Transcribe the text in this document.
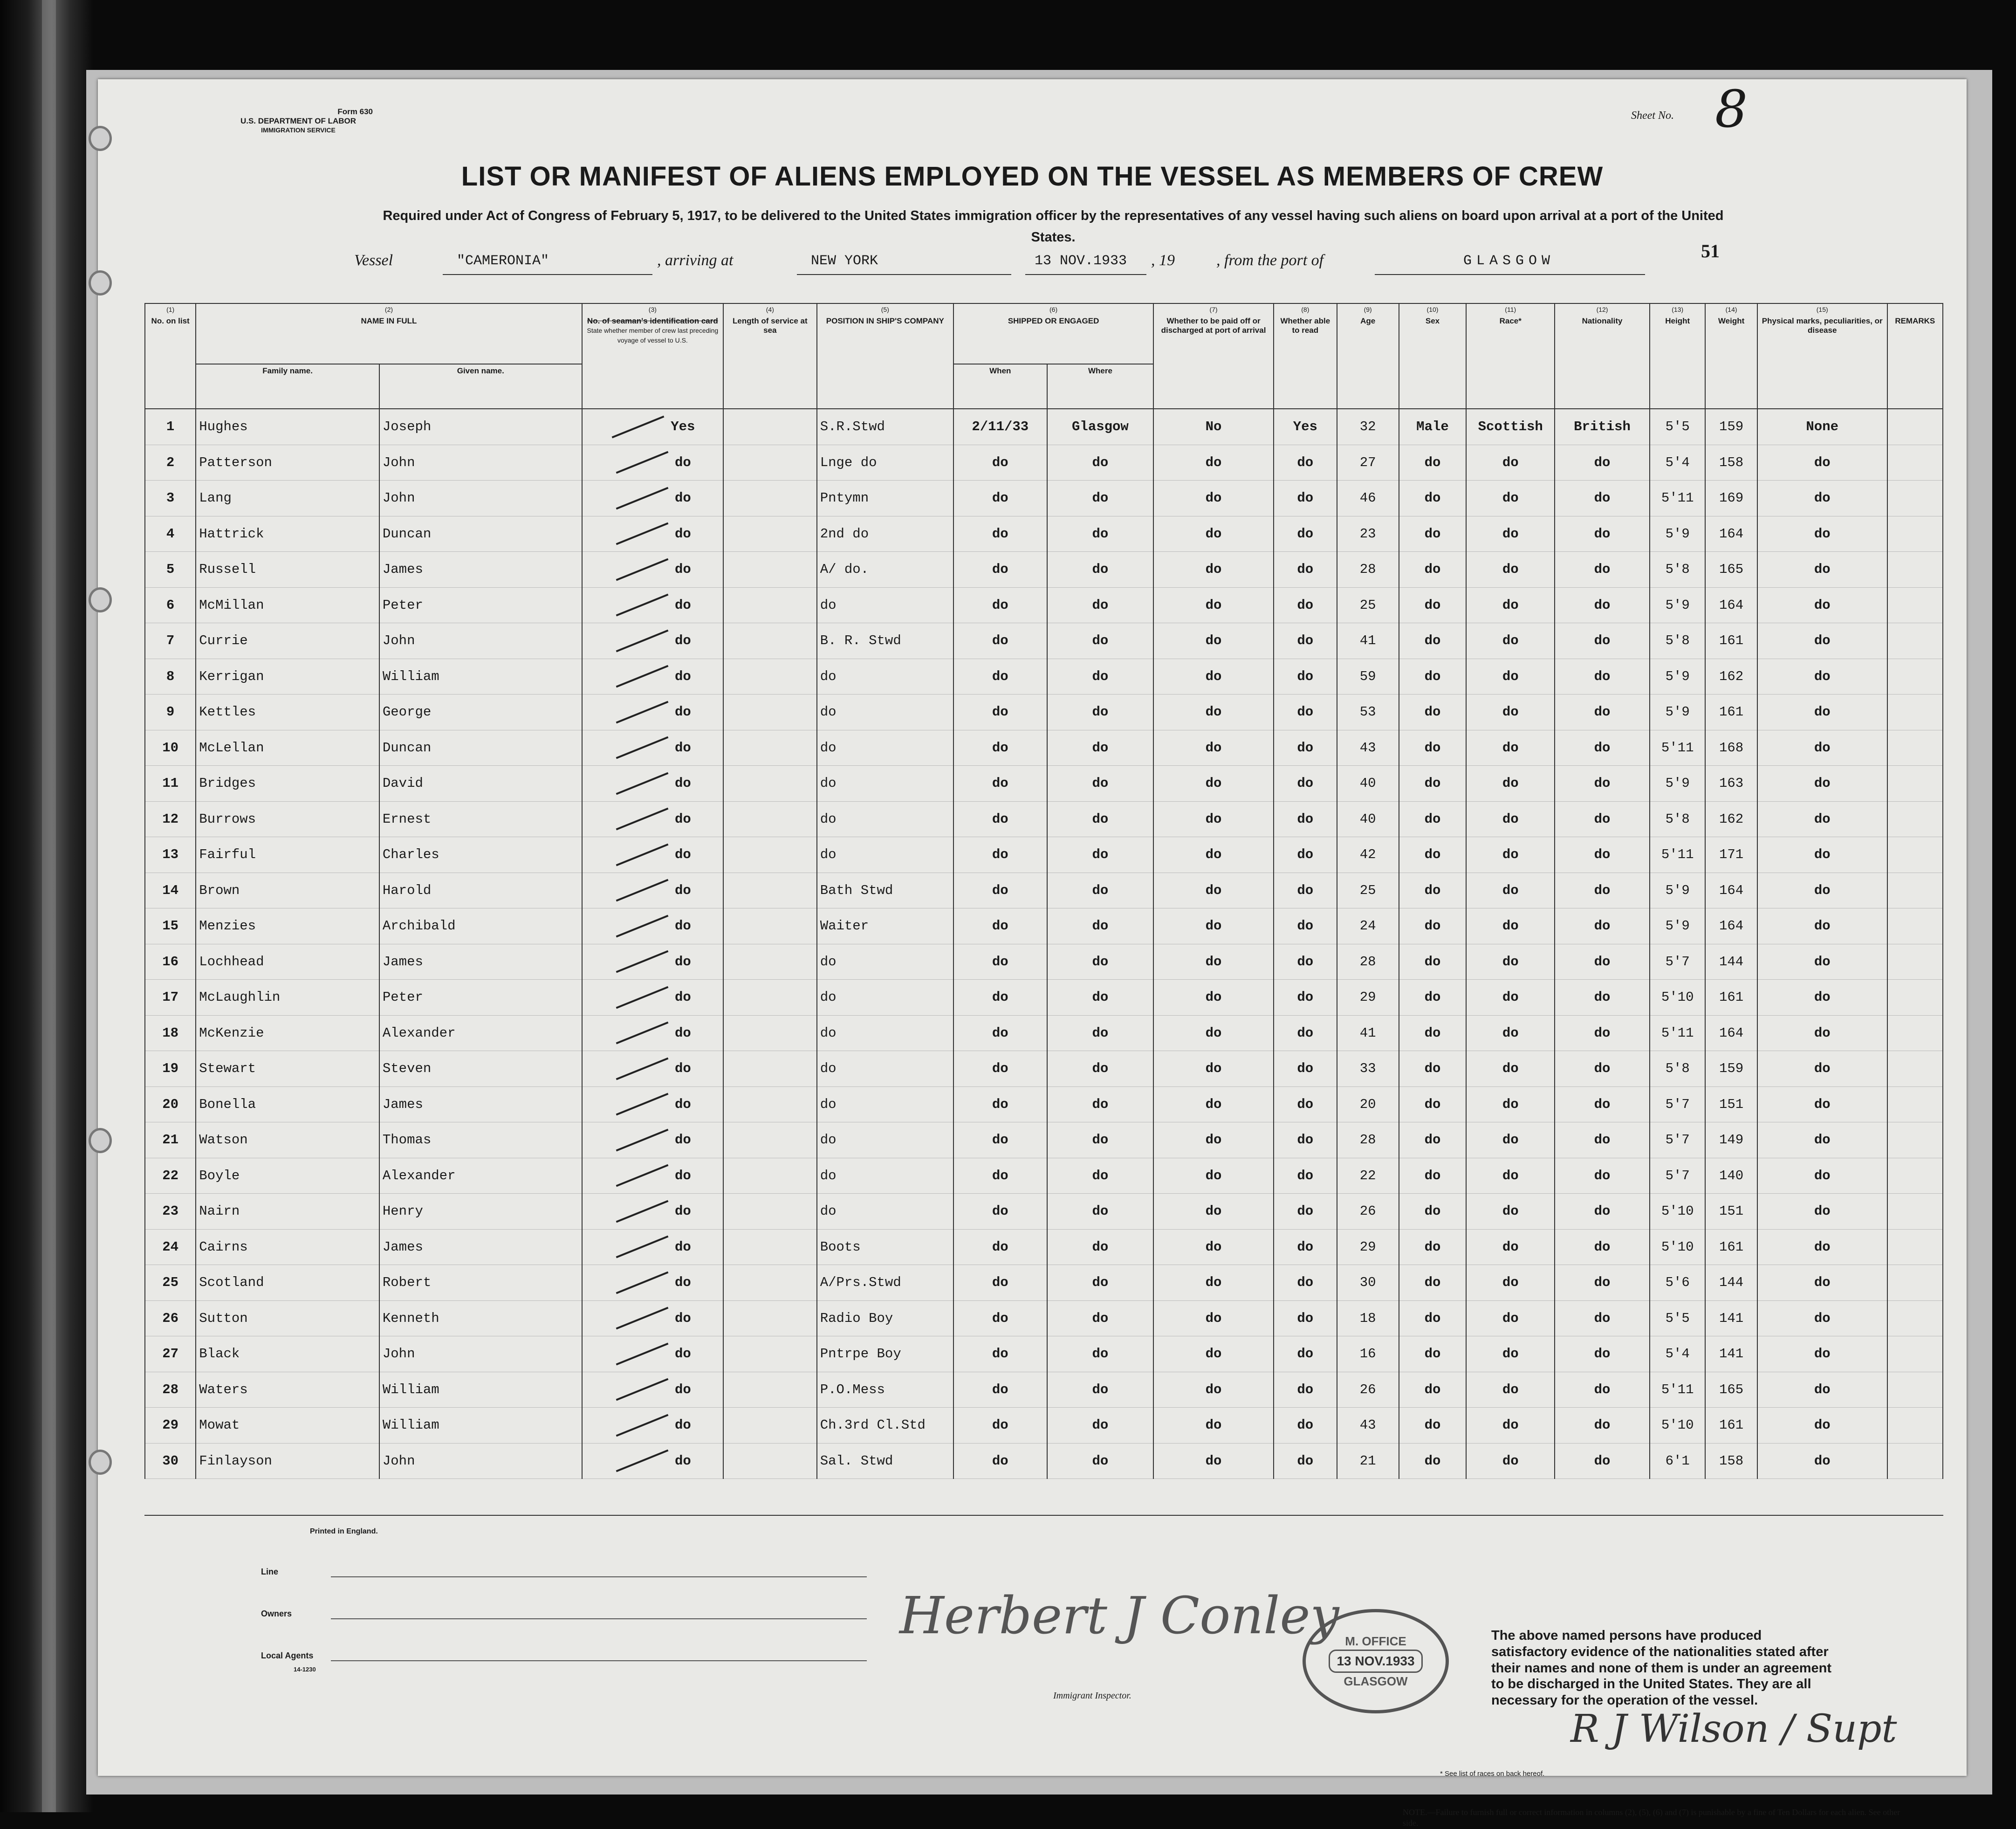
Form 630
U.S. DEPARTMENT OF LABOR
IMMIGRATION SERVICE
Sheet No. 8
51
LIST OR MANIFEST OF ALIENS EMPLOYED ON THE VESSEL AS MEMBERS OF CREW
Required under Act of Congress of February 5, 1917, to be delivered to the United States immigration officer by the representatives of any vessel having such aliens on board upon arrival at a port of the United States.
Vessel	"CAMERONIA"	, arriving at	NEW YORK	13 NOV.1933 , 19	, from the port of	GLASGOW
(1)
No. on list	(2)
NAME IN FULL		(3)
No. of seaman's identification card
State whether member of crew last preceding voyage of vessel to U.S.	(4)
Length of service at sea	(5)
POSITION IN SHIP'S COMPANY	(6)
SHIPPED OR ENGAGED		(7)
Whether to be paid off or discharged at port of arrival	(8)
Whether able to read	(9)
Age	(10)
Sex	(11)
Race*	(12)
Nationality	(13)
Height	(14)
Weight	(15)
Physical marks, peculiarities, or disease	REMARKS
	Family name.	Given name.				When	Where										
1	Hughes	Joseph	Yes		S.R.Stwd	2/11/33	Glasgow	No	Yes	32	Male	Scottish	British	5'5	159	None	
2	Patterson	John	do		Lnge do	do	do	do	do	27	do	do	do	5'4	158	do	
3	Lang	John	do		Pntymn	do	do	do	do	46	do	do	do	5'11	169	do	
4	Hattrick	Duncan	do		2nd do	do	do	do	do	23	do	do	do	5'9	164	do	
5	Russell	James	do		A/ do.	do	do	do	do	28	do	do	do	5'8	165	do	
6	McMillan	Peter	do		do	do	do	do	do	25	do	do	do	5'9	164	do	
7	Currie	John	do		B. R. Stwd	do	do	do	do	41	do	do	do	5'8	161	do	
8	Kerrigan	William	do		do	do	do	do	do	59	do	do	do	5'9	162	do	
9	Kettles	George	do		do	do	do	do	do	53	do	do	do	5'9	161	do	
10	McLellan	Duncan	do		do	do	do	do	do	43	do	do	do	5'11	168	do	
11	Bridges	David	do		do	do	do	do	do	40	do	do	do	5'9	163	do	
12	Burrows	Ernest	do		do	do	do	do	do	40	do	do	do	5'8	162	do	
13	Fairful	Charles	do		do	do	do	do	do	42	do	do	do	5'11	171	do	
14	Brown	Harold	do		Bath Stwd	do	do	do	do	25	do	do	do	5'9	164	do	
15	Menzies	Archibald	do		Waiter	do	do	do	do	24	do	do	do	5'9	164	do	
16	Lochhead	James	do		do	do	do	do	do	28	do	do	do	5'7	144	do	
17	McLaughlin	Peter	do		do	do	do	do	do	29	do	do	do	5'10	161	do	
18	McKenzie	Alexander	do		do	do	do	do	do	41	do	do	do	5'11	164	do	
19	Stewart	Steven	do		do	do	do	do	do	33	do	do	do	5'8	159	do	
20	Bonella	James	do		do	do	do	do	do	20	do	do	do	5'7	151	do	
21	Watson	Thomas	do		do	do	do	do	do	28	do	do	do	5'7	149	do	
22	Boyle	Alexander	do		do	do	do	do	do	22	do	do	do	5'7	140	do	
23	Nairn	Henry	do		do	do	do	do	do	26	do	do	do	5'10	151	do	
24	Cairns	James	do		Boots	do	do	do	do	29	do	do	do	5'10	161	do	
25	Scotland	Robert	do		A/Prs.Stwd	do	do	do	do	30	do	do	do	5'6	144	do	
26	Sutton	Kenneth	do		Radio Boy	do	do	do	do	18	do	do	do	5'5	141	do	
27	Black	John	do		Pntrpe Boy	do	do	do	do	16	do	do	do	5'4	141	do	
28	Waters	William	do		P.O.Mess	do	do	do	do	26	do	do	do	5'11	165	do	
29	Mowat	William	do		Ch.3rd Cl.Std	do	do	do	do	43	do	do	do	5'10	161	do	
30	Finlayson	John	do		Sal. Stwd	do	do	do	do	21	do	do	do	6'1	158	do	
Printed in England.
Line
Owners
Local Agents
14-1230
Herbert J Conley
Immigrant Inspector.
M. OFFICE
13 NOV.1933
GLASGOW
The above named persons have produced satisfactory evidence of the nationalities stated after their names and none of them is under an agreement to be discharged in the United States. They are all necessary for the operation of the vessel.
* See list of races on back hereof.
R J Wilson / Supt
NOTE.—Failure to furnish full or correct information in columns (2), (5), (6) and (7) is punishable by a fine of Ten Dollars for each alien. See other side.
